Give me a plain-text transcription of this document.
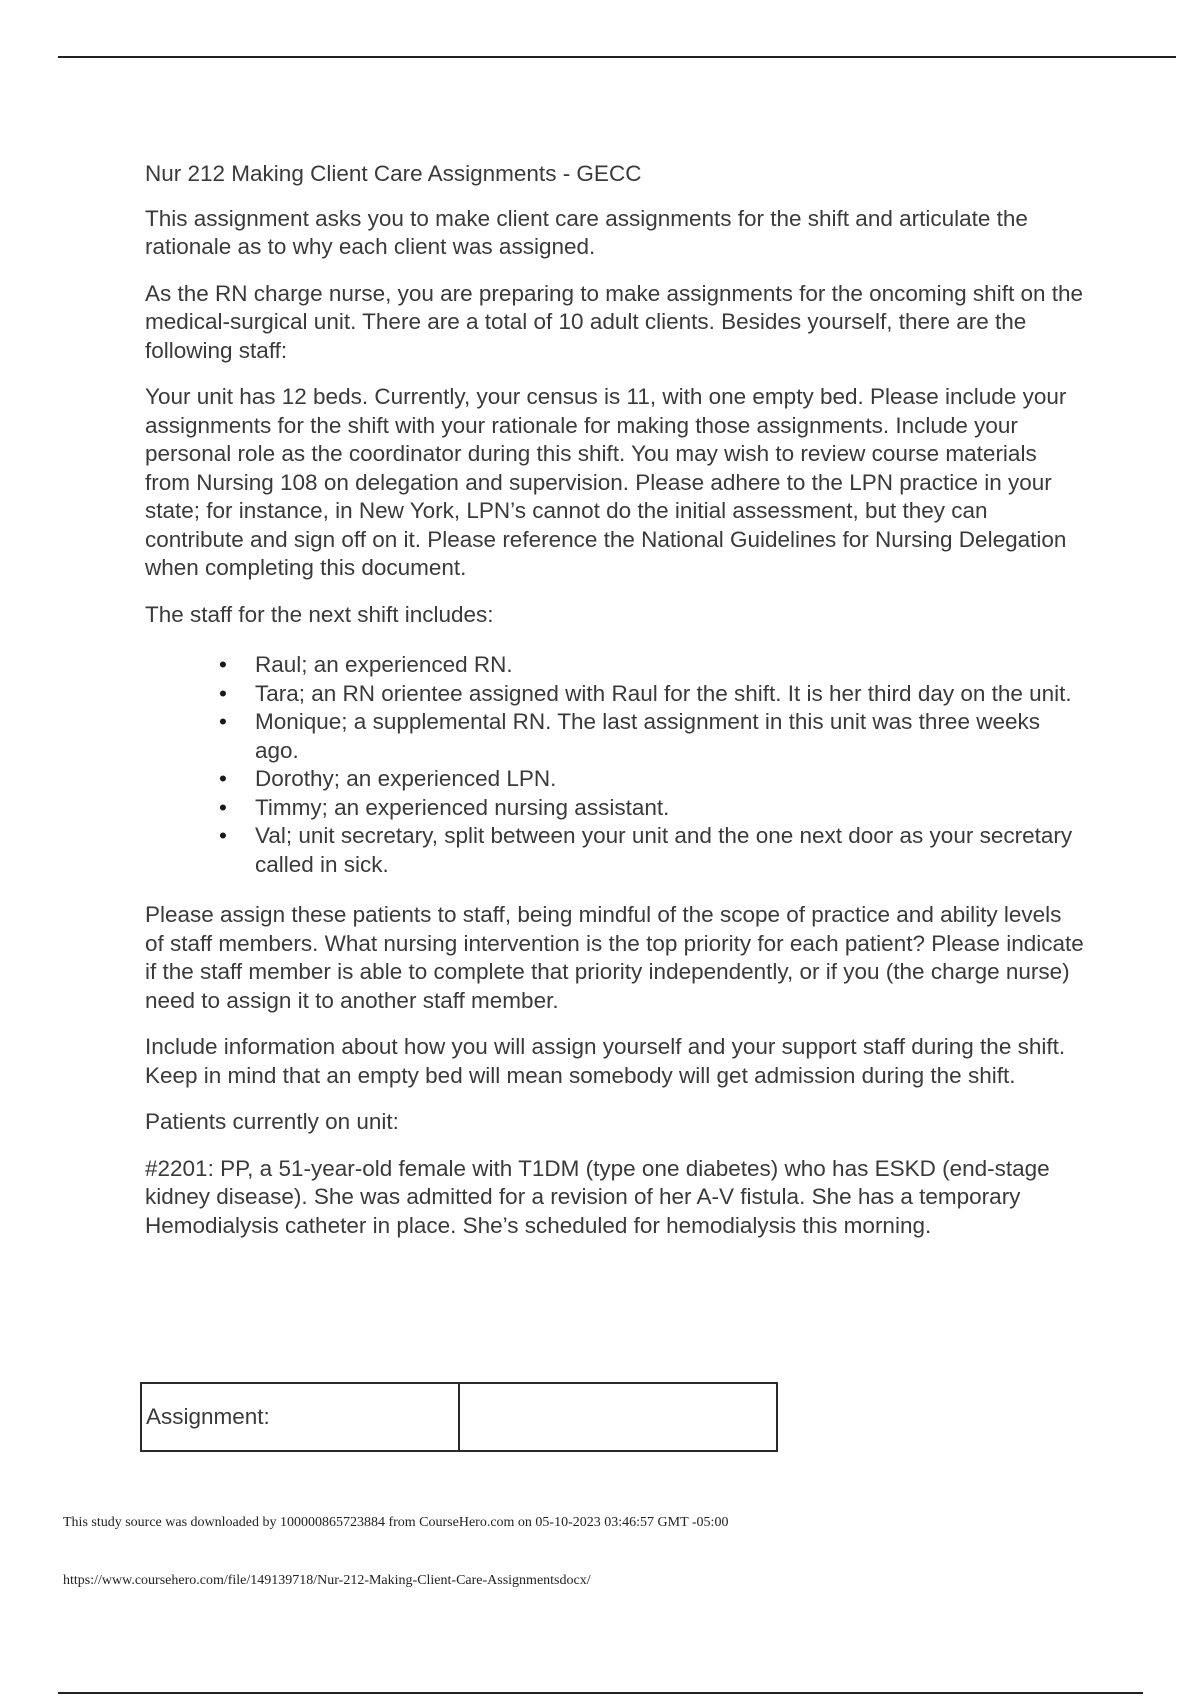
Nur 212 Making Client Care Assignments - GECC

This assignment asks you to make client care assignments for the shift and articulate the rationale as to why each client was assigned.

As the RN charge nurse, you are preparing to make assignments for the oncoming shift on the medical-surgical unit. There are a total of 10 adult clients. Besides yourself, there are the following staff:

Your unit has 12 beds. Currently, your census is 11, with one empty bed. Please include your assignments for the shift with your rationale for making those assignments. Include your personal role as the coordinator during this shift. You may wish to review course materials from Nursing 108 on delegation and supervision. Please adhere to the LPN practice in your state; for instance, in New York, LPN’s cannot do the initial assessment, but they can contribute and sign off on it. Please reference the National Guidelines for Nursing Delegation when completing this document.

The staff for the next shift includes:

• Raul; an experienced RN.
• Tara; an RN orientee assigned with Raul for the shift. It is her third day on the unit.
• Monique; a supplemental RN. The last assignment in this unit was three weeks ago.
• Dorothy; an experienced LPN.
• Timmy; an experienced nursing assistant.
• Val; unit secretary, split between your unit and the one next door as your secretary called in sick.

Please assign these patients to staff, being mindful of the scope of practice and ability levels of staff members. What nursing intervention is the top priority for each patient? Please indicate if the staff member is able to complete that priority independently, or if you (the charge nurse) need to assign it to another staff member.

Include information about how you will assign yourself and your support staff during the shift. Keep in mind that an empty bed will mean somebody will get admission during the shift.

Patients currently on unit:

#2201: PP, a 51-year-old female with T1DM (type one diabetes) who has ESKD (end-stage kidney disease). She was admitted for a revision of her A-V fistula. She has a temporary Hemodialysis catheter in place. She’s scheduled for hemodialysis this morning.

Assignment:	
This study source was downloaded by 100000865723884 from CourseHero.com on 05-10-2023 03:46:57 GMT -05:00
https://www.coursehero.com/file/149139718/Nur-212-Making-Client-Care-Assignmentsdocx/
